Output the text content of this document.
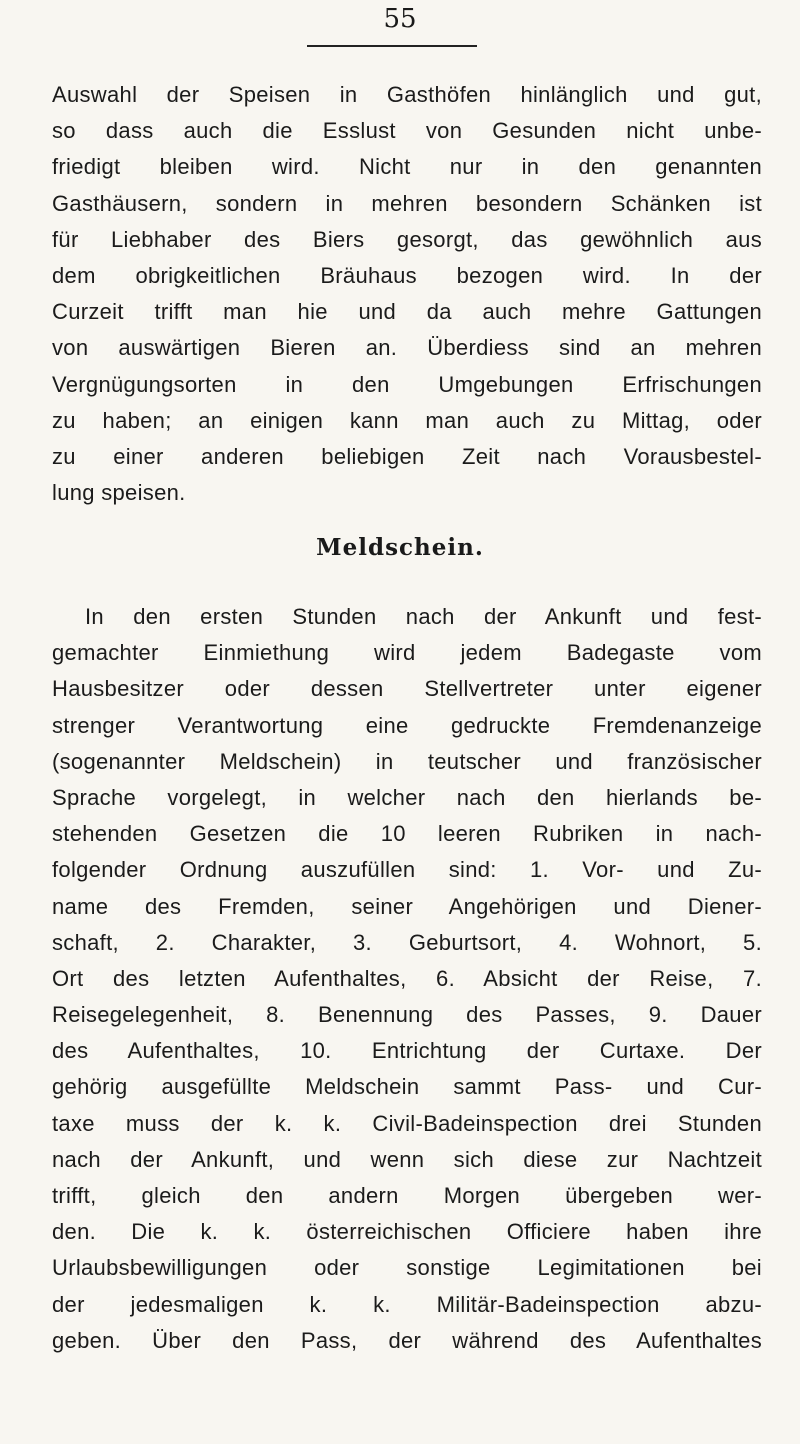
55
Auswahl der Speisen in Gasthöfen hinlänglich und gut,
so dass auch die Esslust von Gesunden nicht unbe-
friedigt bleiben wird. Nicht nur in den genannten
Gasthäusern, sondern in mehren besondern Schänken ist
für Liebhaber des Biers gesorgt, das gewöhnlich aus
dem obrigkeitlichen Bräuhaus bezogen wird. In der
Curzeit trifft man hie und da auch mehre Gattungen
von auswärtigen Bieren an. Überdiess sind an mehren
Vergnügungsorten in den Umgebungen Erfrischungen
zu haben; an einigen kann man auch zu Mittag, oder
zu einer anderen beliebigen Zeit nach Vorausbestel-
lung speisen.
Meldschein.
In den ersten Stunden nach der Ankunft und fest-
gemachter Einmiethung wird jedem Badegaste vom
Hausbesitzer oder dessen Stellvertreter unter eigener
strenger Verantwortung eine gedruckte Fremdenanzeige
(sogenannter Meldschein) in teutscher und französischer
Sprache vorgelegt, in welcher nach den hierlands be-
stehenden Gesetzen die 10 leeren Rubriken in nach-
folgender Ordnung auszufüllen sind: 1. Vor- und Zu-
name des Fremden, seiner Angehörigen und Diener-
schaft, 2. Charakter, 3. Geburtsort, 4. Wohnort, 5.
Ort des letzten Aufenthaltes, 6. Absicht der Reise, 7.
Reisegelegenheit, 8. Benennung des Passes, 9. Dauer
des Aufenthaltes, 10. Entrichtung der Curtaxe. Der
gehörig ausgefüllte Meldschein sammt Pass- und Cur-
taxe muss der k. k. Civil-Badeinspection drei Stunden
nach der Ankunft, und wenn sich diese zur Nachtzeit
trifft, gleich den andern Morgen übergeben wer-
den. Die k. k. österreichischen Officiere haben ihre
Urlaubsbewilligungen oder sonstige Legimitationen bei
der jedesmaligen k. k. Militär-Badeinspection abzu-
geben. Über den Pass, der während des Aufenthaltes
